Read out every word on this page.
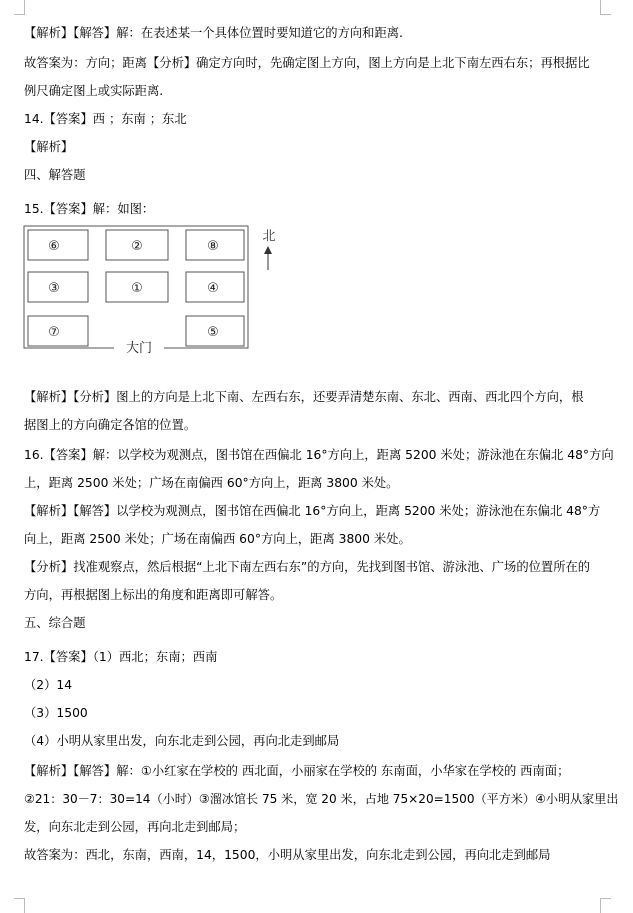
【解析】【解答】解：在表述某一个具体位置时要知道它的方向和距离.
故答案为：方向；距离【分析】确定方向时，先确定图上方向，图上方向是上北下南左西右东；再根据比
例尺确定图上或实际距离.
14.【答案】西 ；东南 ；东北
【解析】
四、解答题
15.【答案】解：如图：
⑥	②	⑧
③	①	④
⑦	⑤
大门
北
【解析】【分析】图上的方向是上北下南、左西右东，还要弄清楚东南、东北、西南、西北四个方向，根
据图上的方向确定各馆的位置。
16.【答案】解：以学校为观测点，图书馆在西偏北 16°方向上，距离 5200 米处；游泳池在东偏北 48°方向
上，距离 2500 米处；广场在南偏西 60°方向上，距离 3800 米处。
【解析】【解答】以学校为观测点，图书馆在西偏北 16°方向上，距离 5200 米处；游泳池在东偏北 48°方
向上，距离 2500 米处；广场在南偏西 60°方向上，距离 3800 米处。
【分析】找准观察点，然后根据“上北下南左西右东”的方向，先找到图书馆、游泳池、广场的位置所在的
方向，再根据图上标出的角度和距离即可解答。
五、综合题
17.【答案】（1）西北；东南；西南
（2）14
（3）1500
（4）小明从家里出发，向东北走到公园，再向北走到邮局
【解析】【解答】解：①小红家在学校的 西北面，小丽家在学校的 东南面，小华家在学校的 西南面；
②21：30－7：30=14（小时）③溜冰馆长 75 米，宽 20 米，占地 75×20=1500（平方米）④小明从家里出
发，向东北走到公园，再向北走到邮局；
故答案为：西北，东南，西南，14，1500，小明从家里出发，向东北走到公园，再向北走到邮局
